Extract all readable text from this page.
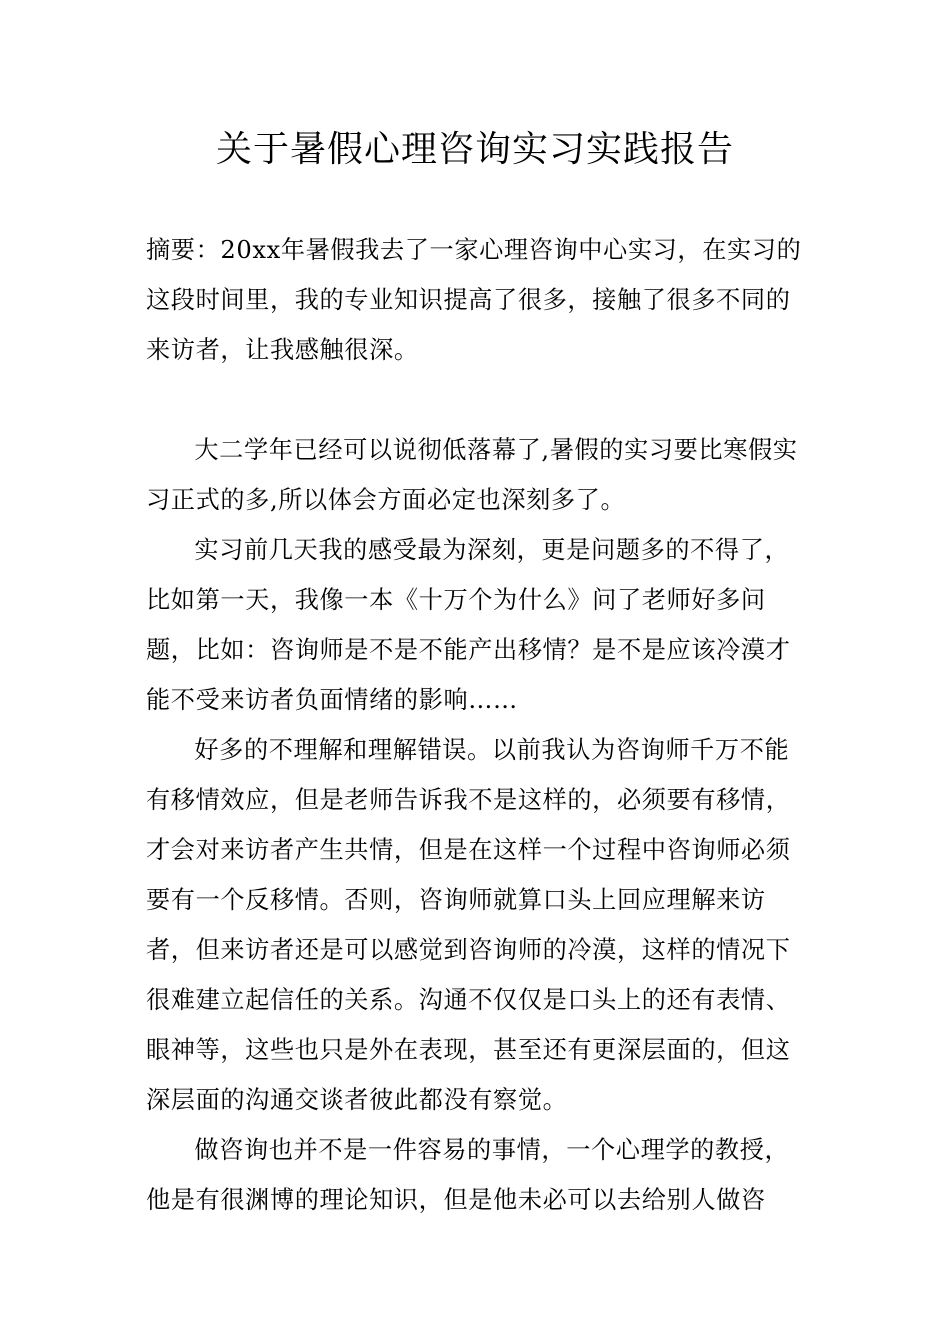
关于暑假心理咨询实习实践报告

摘要：20xx年暑假我去了一家心理咨询中心实习，在实习的这段时间里，我的专业知识提高了很多，接触了很多不同的来访者，让我感触很深。

大二学年已经可以说彻低落幕了,暑假的实习要比寒假实习正式的多,所以体会方面必定也深刻多了。

实习前几天我的感受最为深刻，更是问题多的不得了，比如第一天，我像一本《十万个为什么》问了老师好多问题，比如：咨询师是不是不能产出移情？是不是应该冷漠才能不受来访者负面情绪的影响……

好多的不理解和理解错误。以前我认为咨询师千万不能有移情效应，但是老师告诉我不是这样的，必须要有移情，才会对来访者产生共情，但是在这样一个过程中咨询师必须要有一个反移情。否则，咨询师就算口头上回应理解来访者，但来访者还是可以感觉到咨询师的冷漠，这样的情况下很难建立起信任的关系。沟通不仅仅是口头上的还有表情、眼神等，这些也只是外在表现，甚至还有更深层面的，但这深层面的沟通交谈者彼此都没有察觉。

做咨询也并不是一件容易的事情，一个心理学的教授，他是有很渊博的理论知识，但是他未必可以去给别人做咨
